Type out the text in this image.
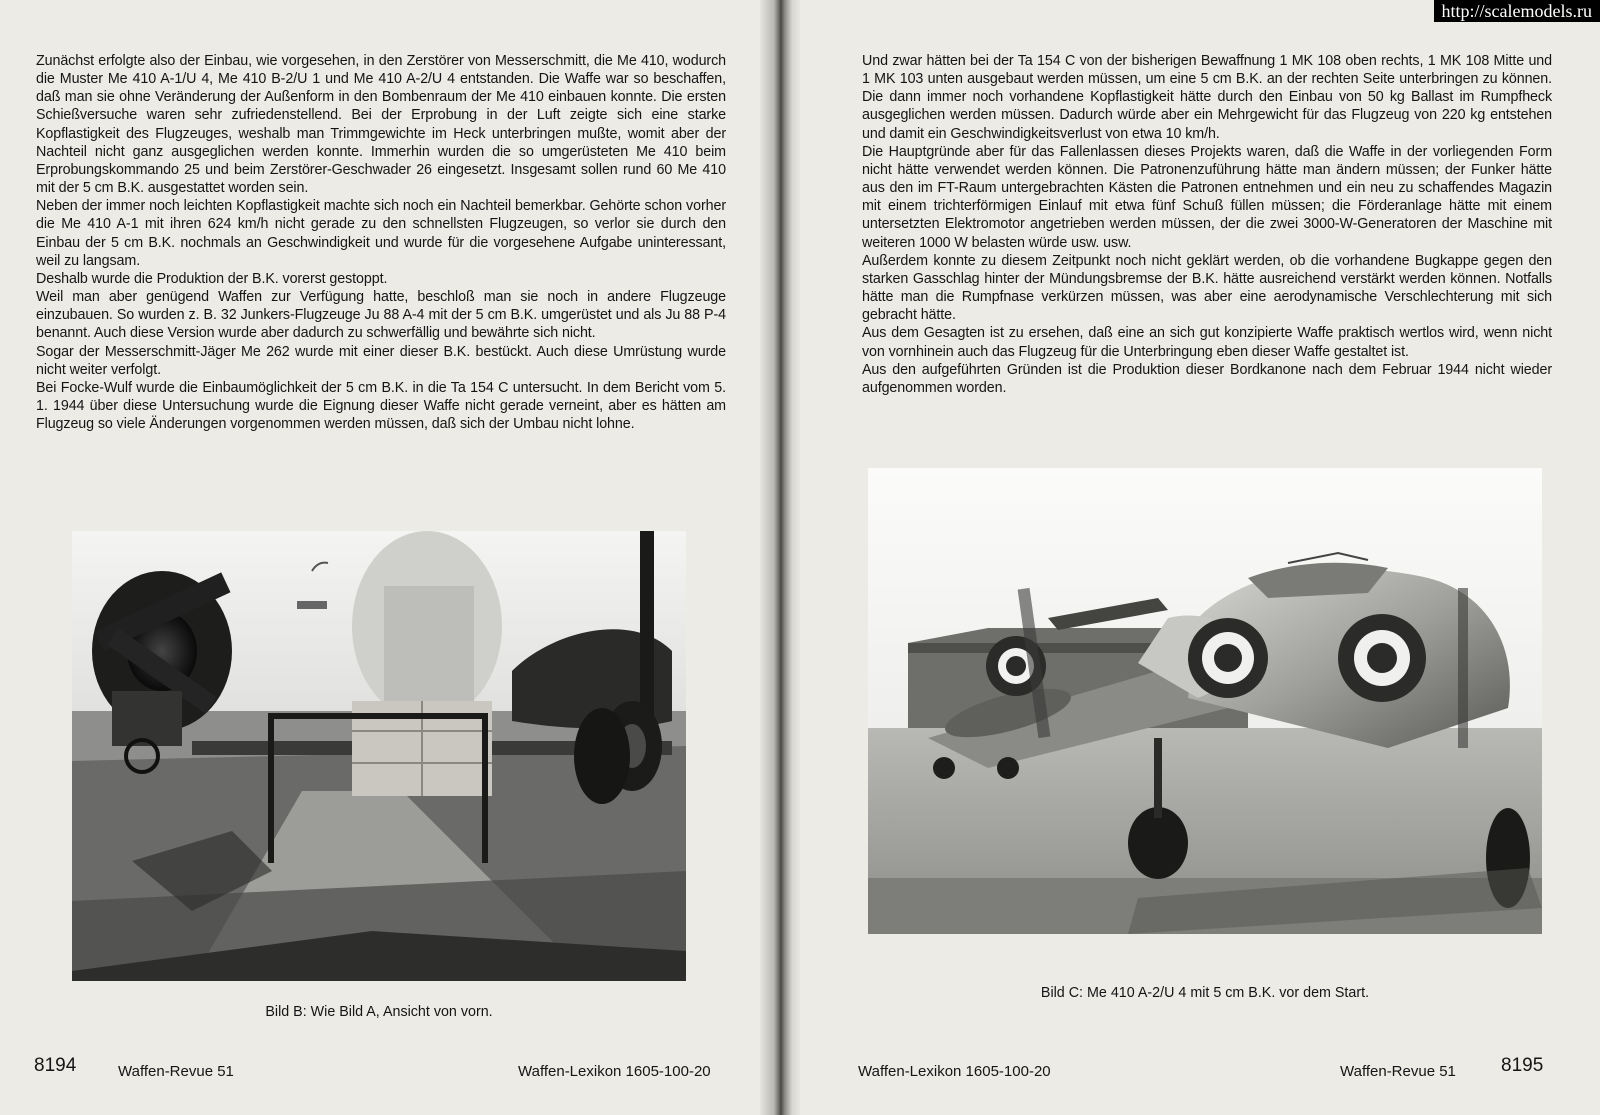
Zunächst erfolgte also der Einbau, wie vorgesehen, in den Zerstörer von Messerschmitt, die Me 410, wodurch die Muster Me 410 A-1/U 4, Me 410 B-2/U 1 und Me 410 A-2/U 4 entstanden. Die Waffe war so beschaffen, daß man sie ohne Veränderung der Außenform in den Bombenraum der Me 410 einbauen konnte. Die ersten Schießversuche waren sehr zufriedenstellend. Bei der Erprobung in der Luft zeigte sich eine starke Kopflastigkeit des Flugzeuges, weshalb man Trimmgewichte im Heck unterbringen mußte, womit aber der Nachteil nicht ganz ausgeglichen werden konnte. Immerhin wurden die so umgerüsteten Me 410 beim Erprobungskommando 25 und beim Zerstörer-Geschwader 26 eingesetzt. Insgesamt sollen rund 60 Me 410 mit der 5 cm B.K. ausgestattet worden sein.

Neben der immer noch leichten Kopflastigkeit machte sich noch ein Nachteil bemerkbar. Gehörte schon vorher die Me 410 A-1 mit ihren 624 km/h nicht gerade zu den schnellsten Flugzeugen, so verlor sie durch den Einbau der 5 cm B.K. nochmals an Geschwindigkeit und wurde für die vorgesehene Aufgabe uninteressant, weil zu langsam.

Deshalb wurde die Produktion der B.K. vorerst gestoppt.

Weil man aber genügend Waffen zur Verfügung hatte, beschloß man sie noch in andere Flugzeuge einzubauen. So wurden z. B. 32 Junkers-Flugzeuge Ju 88 A-4 mit der 5 cm B.K. umgerüstet und als Ju 88 P-4 benannt. Auch diese Version wurde aber dadurch zu schwerfällig und bewährte sich nicht.

Sogar der Messerschmitt-Jäger Me 262 wurde mit einer dieser B.K. bestückt. Auch diese Umrüstung wurde nicht weiter verfolgt.

Bei Focke-Wulf wurde die Einbaumöglichkeit der 5 cm B.K. in die Ta 154 C untersucht. In dem Bericht vom 5. 1. 1944 über diese Untersuchung wurde die Eignung dieser Waffe nicht gerade verneint, aber es hätten am Flugzeug so viele Änderungen vorgenommen werden müssen, daß sich der Umbau nicht lohne.

Bild B: Wie Bild A, Ansicht von vorn.
8194	Waffen-Revue 51	Waffen-Lexikon 1605-100-20

Und zwar hätten bei der Ta 154 C von der bisherigen Bewaffnung 1 MK 108 oben rechts, 1 MK 108 Mitte und 1 MK 103 unten ausgebaut werden müssen, um eine 5 cm B.K. an der rechten Seite unterbringen zu können. Die dann immer noch vorhandene Kopflastigkeit hätte durch den Einbau von 50 kg Ballast im Rumpfheck ausgeglichen werden müssen. Dadurch würde aber ein Mehrgewicht für das Flugzeug von 220 kg entstehen und damit ein Geschwindigkeitsverlust von etwa 10 km/h.

Die Hauptgründe aber für das Fallenlassen dieses Projekts waren, daß die Waffe in der vorliegenden Form nicht hätte verwendet werden können. Die Patronenzuführung hätte man ändern müssen; der Funker hätte aus den im FT-Raum untergebrachten Kästen die Patronen entnehmen und ein neu zu schaffendes Magazin mit einem trichterförmigen Einlauf mit etwa fünf Schuß füllen müssen; die Förderanlage hätte mit einem untersetzten Elektromotor angetrieben werden müssen, der die zwei 3000-W-Generatoren der Maschine mit weiteren 1000 W belasten würde usw. usw.

Außerdem konnte zu diesem Zeitpunkt noch nicht geklärt werden, ob die vorhandene Bugkappe gegen den starken Gasschlag hinter der Mündungsbremse der B.K. hätte ausreichend verstärkt werden können. Notfalls hätte man die Rumpfnase verkürzen müssen, was aber eine aerodynamische Verschlechterung mit sich gebracht hätte.

Aus dem Gesagten ist zu ersehen, daß eine an sich gut konzipierte Waffe praktisch wertlos wird, wenn nicht von vornhinein auch das Flugzeug für die Unterbringung eben dieser Waffe gestaltet ist.

Aus den aufgeführten Gründen ist die Produktion dieser Bordkanone nach dem Februar 1944 nicht wieder aufgenommen worden.

Bild C: Me 410 A-2/U 4 mit 5 cm B.K. vor dem Start.
Waffen-Lexikon 1605-100-20	Waffen-Revue 51 8195
http://scalemodels.ru
